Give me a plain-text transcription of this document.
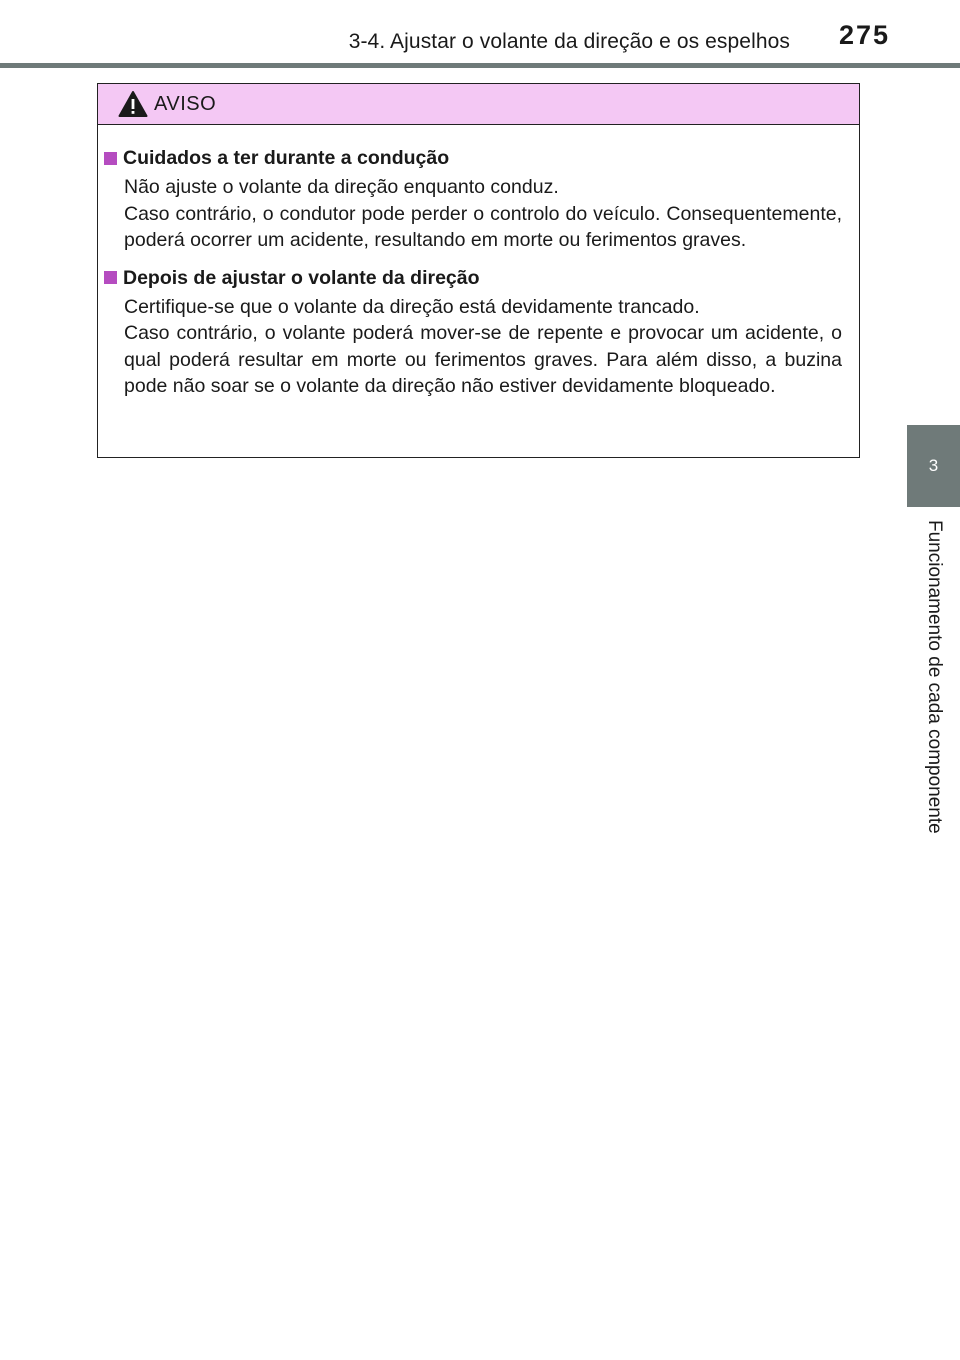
3-4. Ajustar o volante da direção e os espelhos 275
3
Funcionamento de cada componente
AVISO
Cuidados a ter durante a condução

Não ajuste o volante da direção enquanto conduz.

Caso contrário, o condutor pode perder o controlo do veículo. Consequentemente, poderá ocorrer um acidente, resultando em morte ou ferimentos graves.

Depois de ajustar o volante da direção

Certifique-se que o volante da direção está devidamente trancado.

Caso contrário, o volante poderá mover-se de repente e provocar um acidente, o qual poderá resultar em morte ou ferimentos graves. Para além disso, a buzina pode não soar se o volante da direção não estiver devidamente bloqueado.
